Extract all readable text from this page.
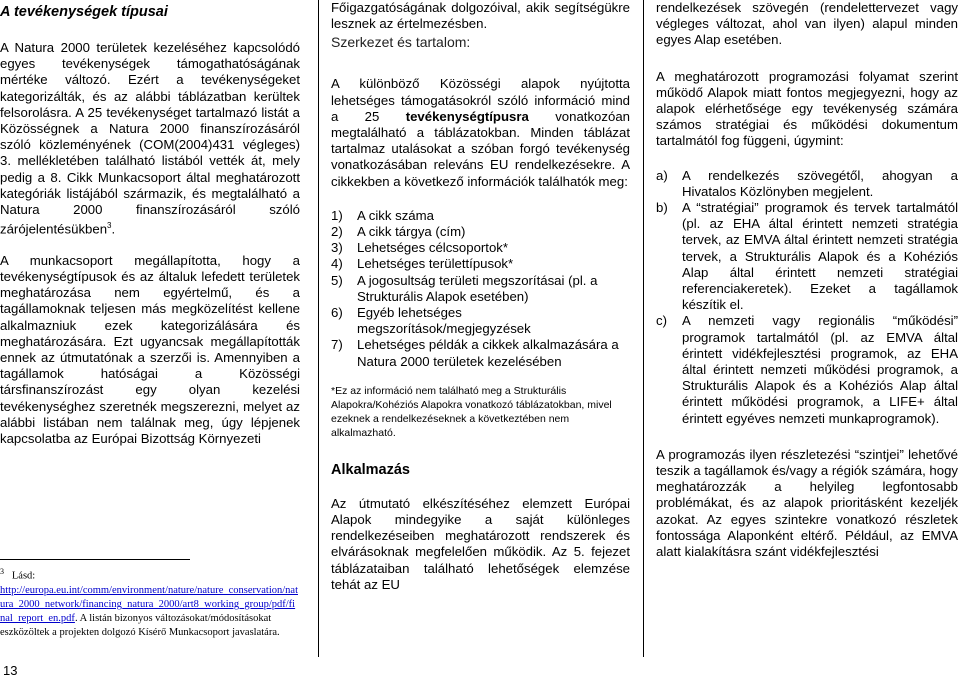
A tevékenységek típusai

A Natura 2000 területek kezeléséhez kapcsolódó egyes tevékenységek támogathatóságának mértéke változó. Ezért a tevékenységeket kategorizálták, és az alábbi táblázatban kerültek felsorolásra. A 25 tevékenységet tartalmazó listát a Közösségnek a Natura 2000 finanszírozásáról szóló közleményének (COM(2004)431 végleges) 3. mellékletében található listából vették át, mely pedig a 8. Cikk Munkacsoport által meghatározott kategóriák listájából származik, és megtalálható a Natura 2000 finanszírozásáról szóló zárójelentésükben$^3$.

A munkacsoport megállapította, hogy a tevékenységtípusok és az általuk lefedett területek meghatározása nem egyértelmű, és a tagállamoknak teljesen más megközelítést kellene alkalmazniuk ezek kategorizálására és meghatározására. Ezt ugyancsak megállapították ennek az útmutatónak a szerzői is. Amennyiben a tagállamok hatóságai a Közösségi társfinanszírozást egy olyan kezelési tevékenységhez szeretnék megszerezni, melyet az alábbi listában nem találnak meg, úgy lépjenek kapcsolatba az Európai Bizottság Környezeti

$^3$ Lásd:
http://europa.eu.int/comm/environment/nature/nature_conservation/natura_2000_network/financing_natura_2000/art8_working_group/pdf/final_report_en.pdf. A listán bizonyos változásokat/módosításokat eszközöltek a projekten dolgozó Kísérő Munkacsoport javaslatára.
13

Főigazgatóságának dolgozóival, akik segítségükre lesznek az értelmezésben.

Szerkezet és tartalom:

A különböző Közösségi alapok nyújtotta lehetséges támogatásokról szóló információ mind a 25 tevékenységtípusra vonatkozóan megtalálható a táblázatokban. Minden táblázat tartalmaz utalásokat a szóban forgó tevékenység vonatkozásában releváns EU rendelkezésekre. A cikkekben a következő információk találhatók meg:

1) A cikk száma
2) A cikk tárgya (cím)
3) Lehetséges célcsoportok*
4) Lehetséges területtípusok*
5) A jogosultság területi megszorításai (pl. a Strukturális Alapok esetében)
6) Egyéb lehetséges megszorítások/megjegyzések
7) Lehetséges példák a cikkek alkalmazására a Natura 2000 területek kezelésében

*Ez az információ nem található meg a Strukturális Alapokra/Kohéziós Alapokra vonatkozó táblázatokban, mivel ezeknek a rendelkezéseknek a következtében nem alkalmazható.

Alkalmazás

Az útmutató elkészítéséhez elemzett Európai Alapok mindegyike a saját különleges rendelkezéseiben meghatározott rendszerek és elvárásoknak megfelelően működik. Az 5. fejezet táblázataiban található lehetőségek elemzése tehát az EU

rendelkezések szövegén (rendelettervezet vagy végleges változat, ahol van ilyen) alapul minden egyes Alap esetében.

A meghatározott programozási folyamat szerint működő Alapok miatt fontos megjegyezni, hogy az alapok elérhetősége egy tevékenység számára számos stratégiai és működési dokumentum tartalmától fog függeni, úgymint:

a) A rendelkezés szövegétől, ahogyan a Hivatalos Közlönyben megjelent.
b) A “stratégiai” programok és tervek tartalmától (pl. az EHA által érintett nemzeti stratégia tervek, az EMVA által érintett nemzeti stratégia tervek, a Strukturális Alapok és a Kohéziós Alap által érintett nemzeti stratégiai referenciakeretek). Ezeket a tagállamok készítik el.
c) A nemzeti vagy regionális “működési” programok tartalmától (pl. az EMVA által érintett vidékfejlesztési programok, az EHA által érintett nemzeti működési programok, a Strukturális Alapok és a Kohéziós Alap által érintett működési programok, a LIFE+ által érintett egyéves nemzeti munkaprogramok).

A programozás ilyen részletezési “szintjei” lehetővé teszik a tagállamok és/vagy a régiók számára, hogy meghatározzák a helyileg legfontosabb problémákat, és az alapok prioritásként kezeljék azokat. Az egyes szintekre vonatkozó részletek fontossága Alaponként eltérő. Például, az EMVA alatt kialakításra szánt vidékfejlesztési
